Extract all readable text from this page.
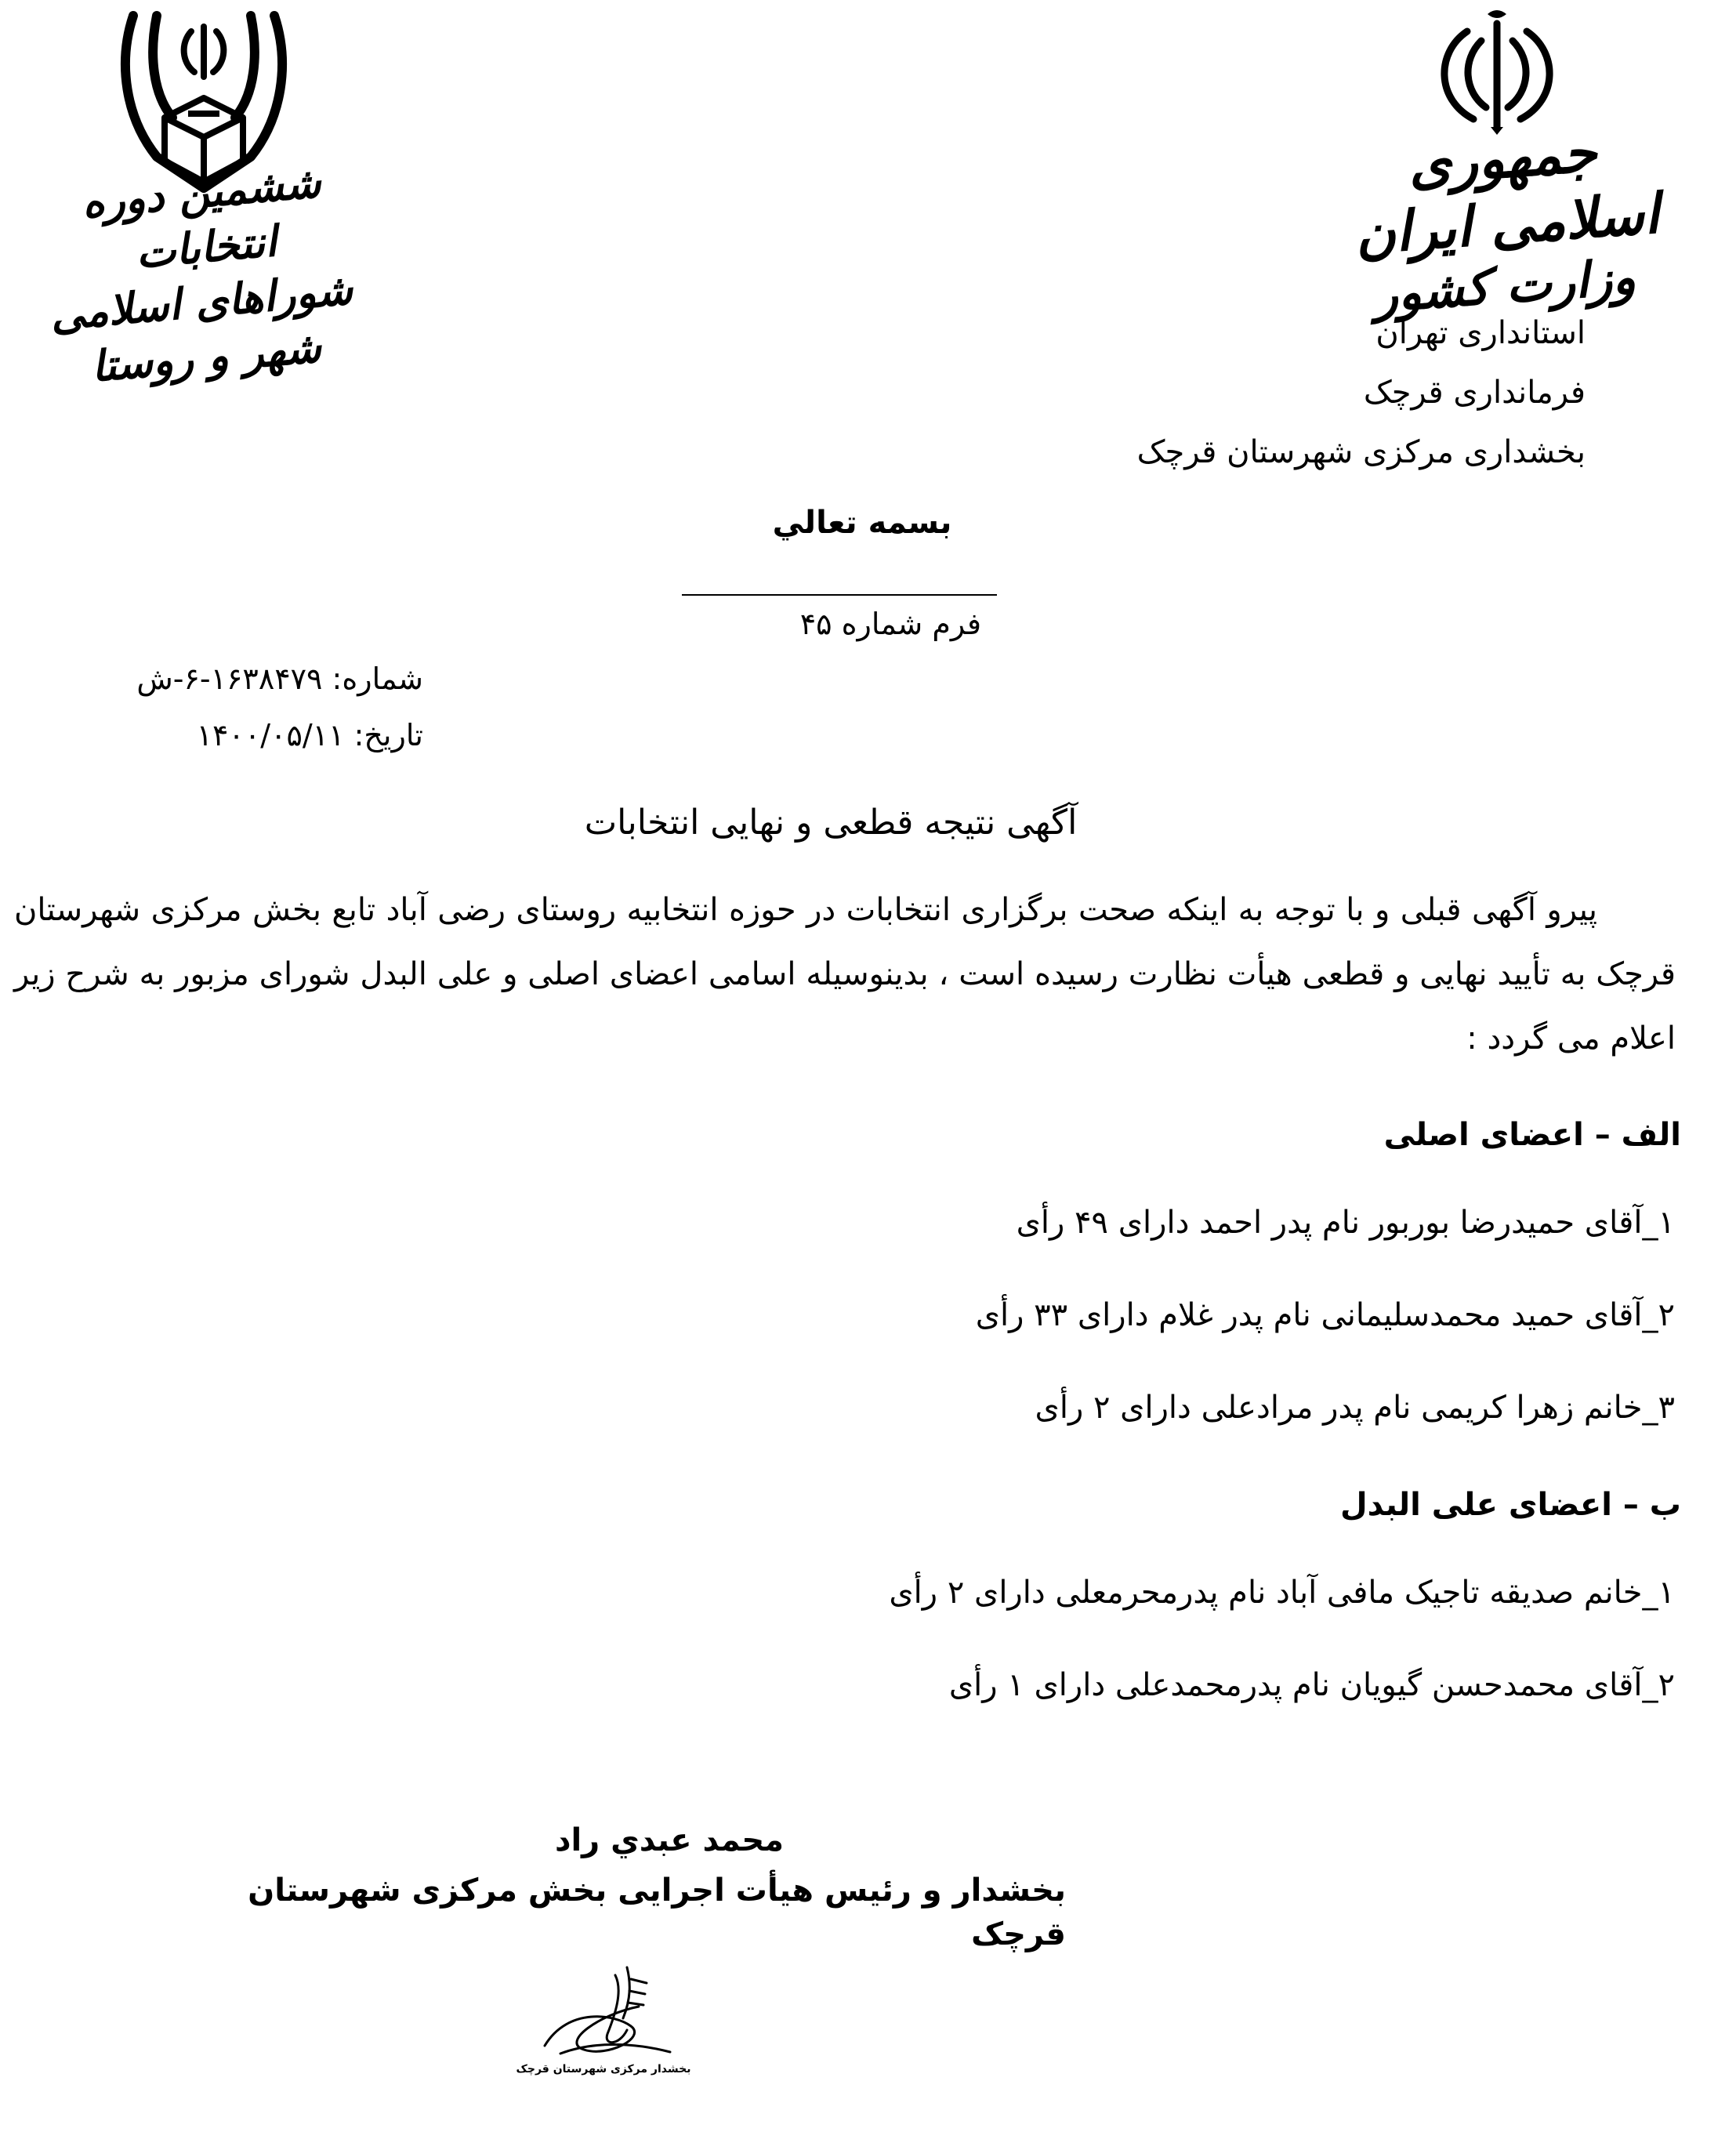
جمهوری اسلامی ایران
وزارت کشور
ششمین دوره انتخابات
شوراهای اسلامی شهر و روستا	استانداری تهران
فرمانداری قرچک
بخشداری مرکزی شهرستان قرچک
بسمه تعالي
فرم شماره ۴۵
شماره: ۱۶۳۸۴۷۹-۶-ش
تاریخ: ۱۴۰۰/۰۵/۱۱
آگهی نتیجه قطعی و نهایی انتخابات
پیرو آگهی قبلی و با توجه به اینکه صحت برگزاری انتخابات در حوزه انتخابیه روستای رضی آباد تابع بخش مرکزی شهرستان قرچک به تأیید نهایی و قطعی هیأت نظارت رسیده است ، بدینوسیله اسامی اعضای اصلی و علی البدل شورای مزبور به شرح زیر اعلام می گردد :
الف – اعضای اصلی
۱_آقای حمیدرضا بوربور نام پدر احمد دارای ۴۹ رأی
۲_آقای حمید محمدسلیمانی نام پدر غلام دارای ۳۳ رأی
۳_خانم زهرا کریمی نام پدر مرادعلی دارای ۲ رأی
ب – اعضای علی البدل
۱_خانم صدیقه تاجیک مافی آباد نام پدرمحرمعلی دارای ۲ رأی
۲_آقای محمدحسن گیویان نام پدرمحمدعلی دارای ۱ رأی
محمد عبدي راد
بخشدار و رئیس هیأت اجرایی بخش مرکزی شهرستان قرچک
بخشدار مرکزی شهرستان قرچک
